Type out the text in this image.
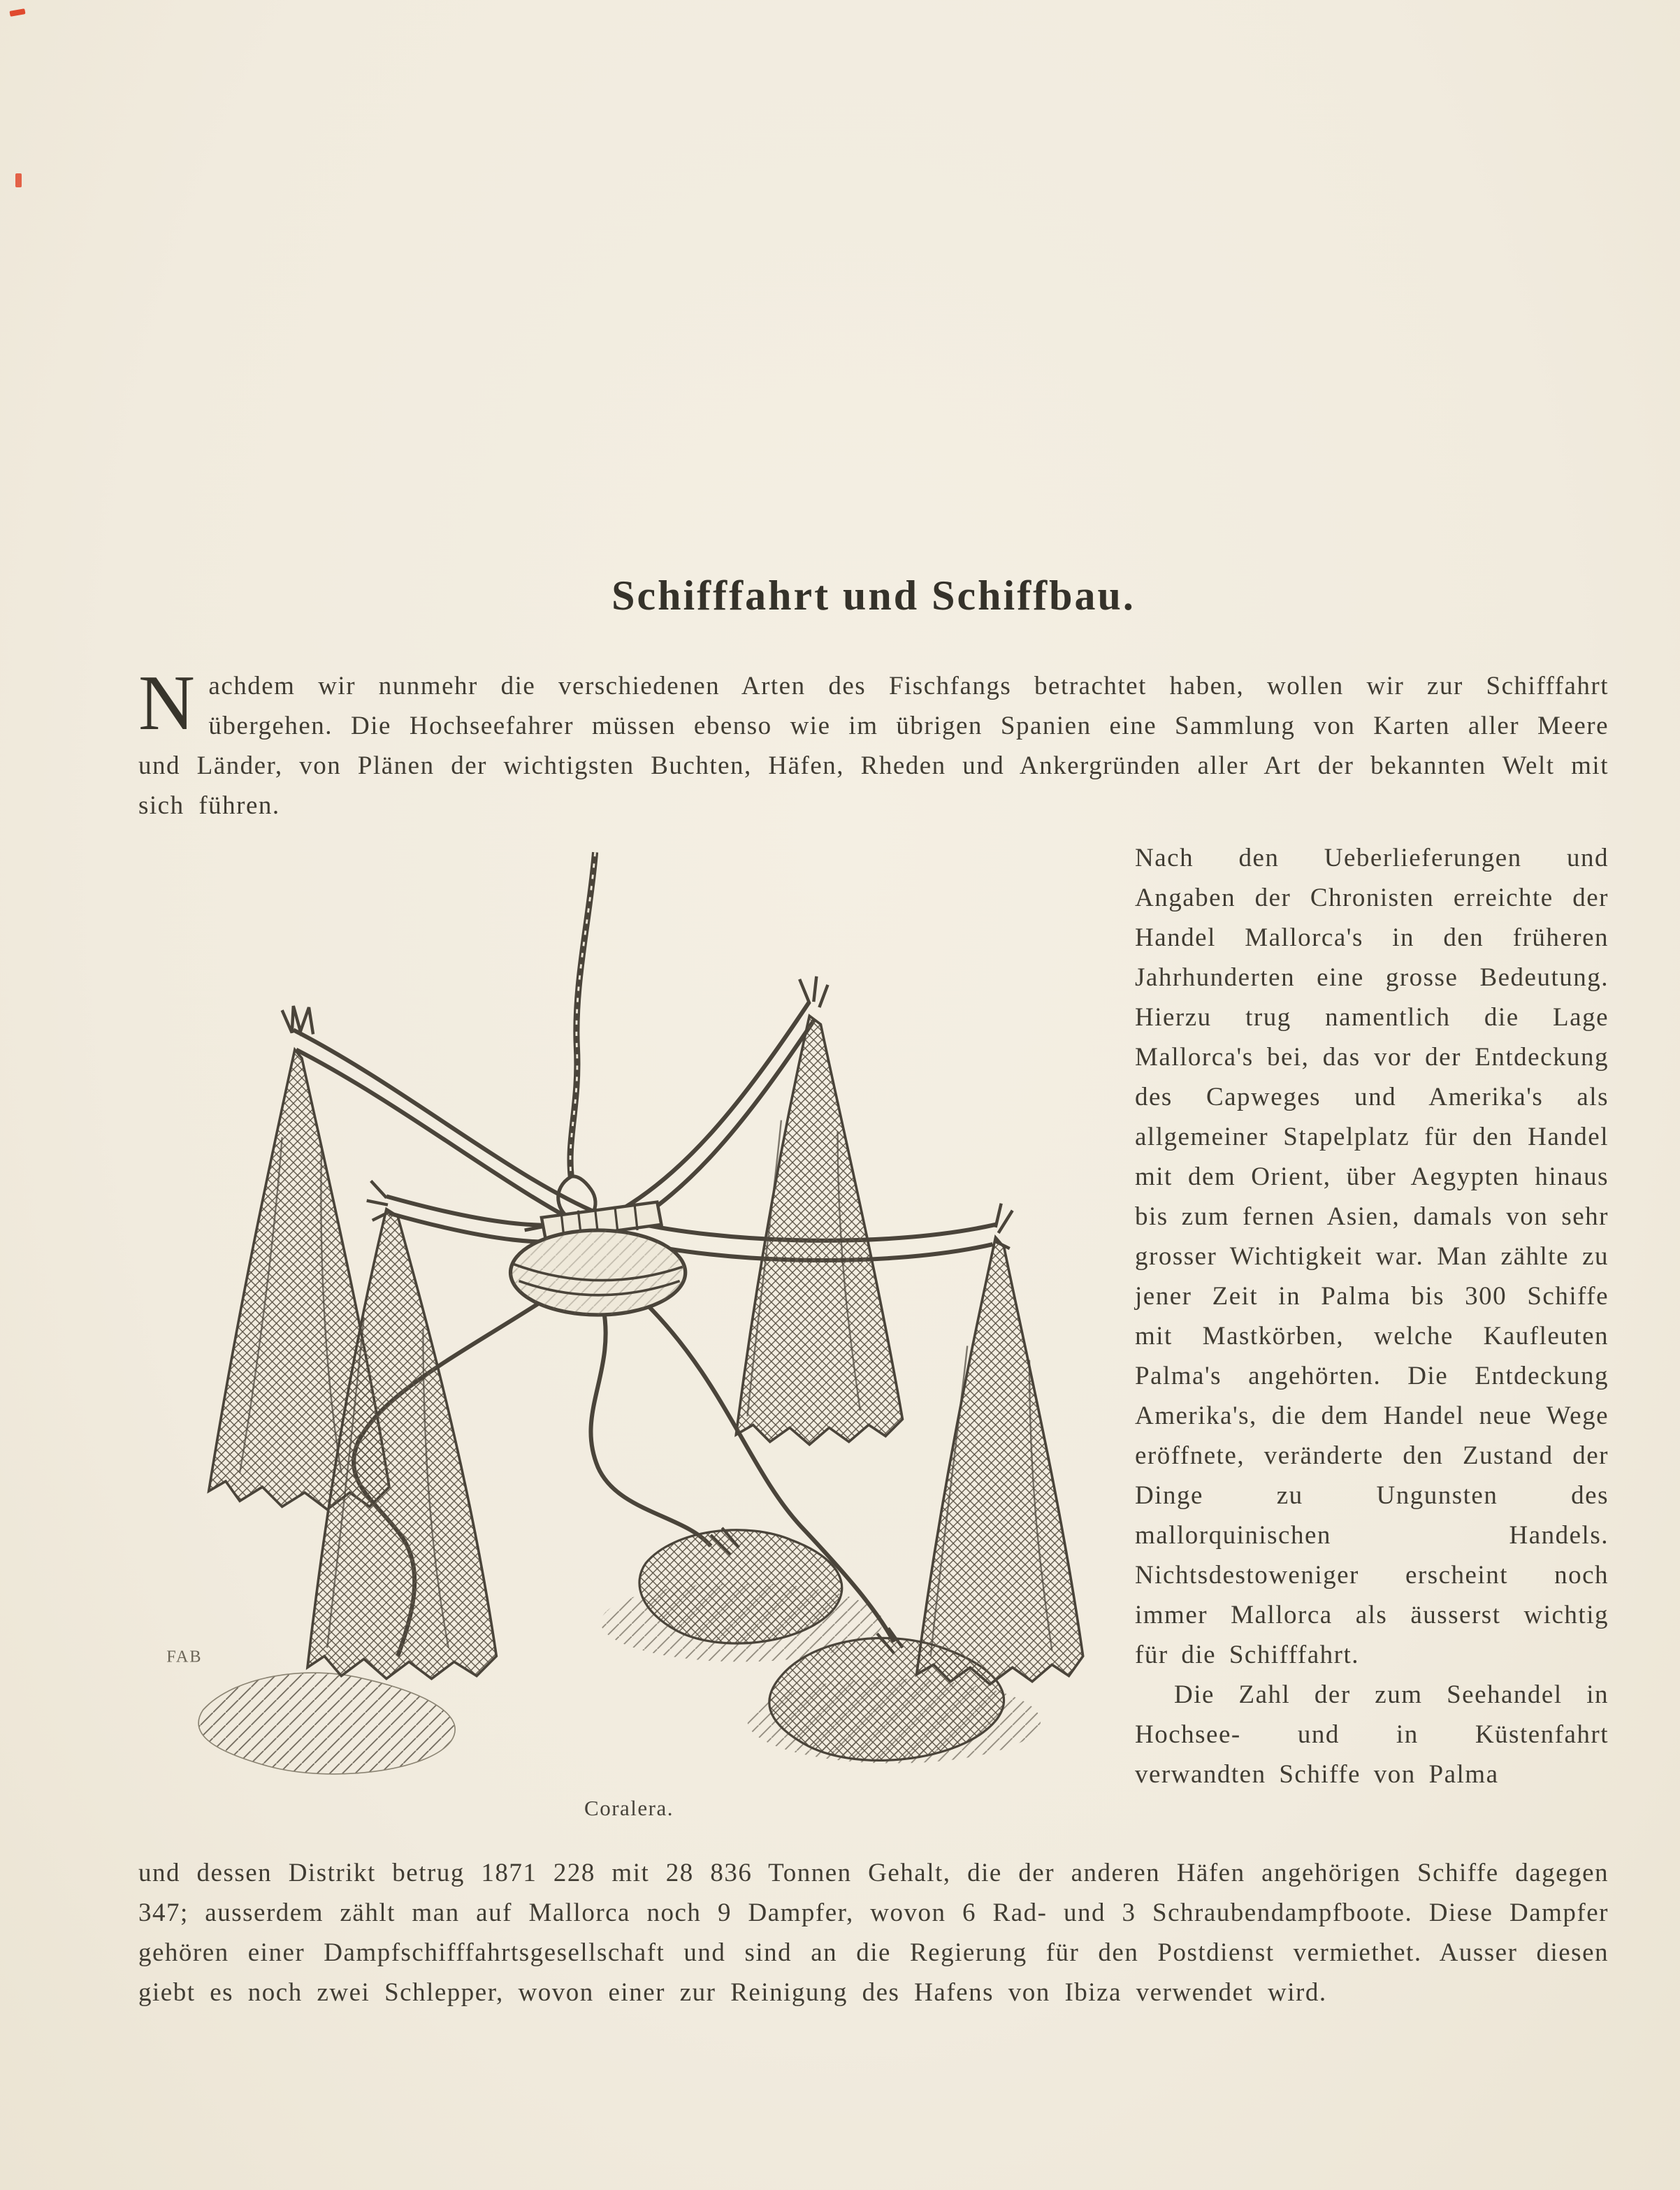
Schifffahrt und Schiffbau.

Nachdem wir nunmehr die verschiedenen Arten des Fischfangs betrachtet haben, wollen wir zur Schifffahrt übergehen. Die Hochseefahrer müssen ebenso wie im übrigen Spanien eine Sammlung von Karten aller Meere und Länder, von Plänen der wichtigsten Buchten, Häfen, Rheden und Ankergründen aller Art der bekannten Welt mit sich führen.

FAB
Coralera.

Nach den Ueberlieferungen und Angaben der Chronisten erreichte der Handel Mallorca's in den früheren Jahrhunderten eine grosse Bedeutung. Hierzu trug namentlich die Lage Mallorca's bei, das vor der Entdeckung des Capweges und Amerika's als allgemeiner Stapelplatz für den Handel mit dem Orient, über Aegypten hinaus bis zum fernen Asien, damals von sehr grosser Wichtigkeit war. Man zählte zu jener Zeit in Palma bis 300 Schiffe mit Mastkörben, welche Kaufleuten Palma's angehörten. Die Entdeckung Amerika's, die dem Handel neue Wege eröffnete, veränderte den Zustand der Dinge zu Ungunsten des mallorquinischen Handels. Nichtsdestoweniger erscheint noch immer Mallorca als äusserst wichtig für die Schifffahrt.

Die Zahl der zum Seehandel in Hochsee- und in Küstenfahrt verwandten Schiffe von Palma

und dessen Distrikt betrug 1871 228 mit 28 836 Tonnen Gehalt, die der anderen Häfen angehörigen Schiffe dagegen 347; ausserdem zählt man auf Mallorca noch 9 Dampfer, wovon 6 Rad- und 3 Schraubendampfboote. Diese Dampfer gehören einer Dampfschifffahrtsgesellschaft und sind an die Regierung für den Postdienst vermiethet. Ausser diesen giebt es noch zwei Schlepper, wovon einer zur Reinigung des Hafens von Ibiza verwendet wird.
